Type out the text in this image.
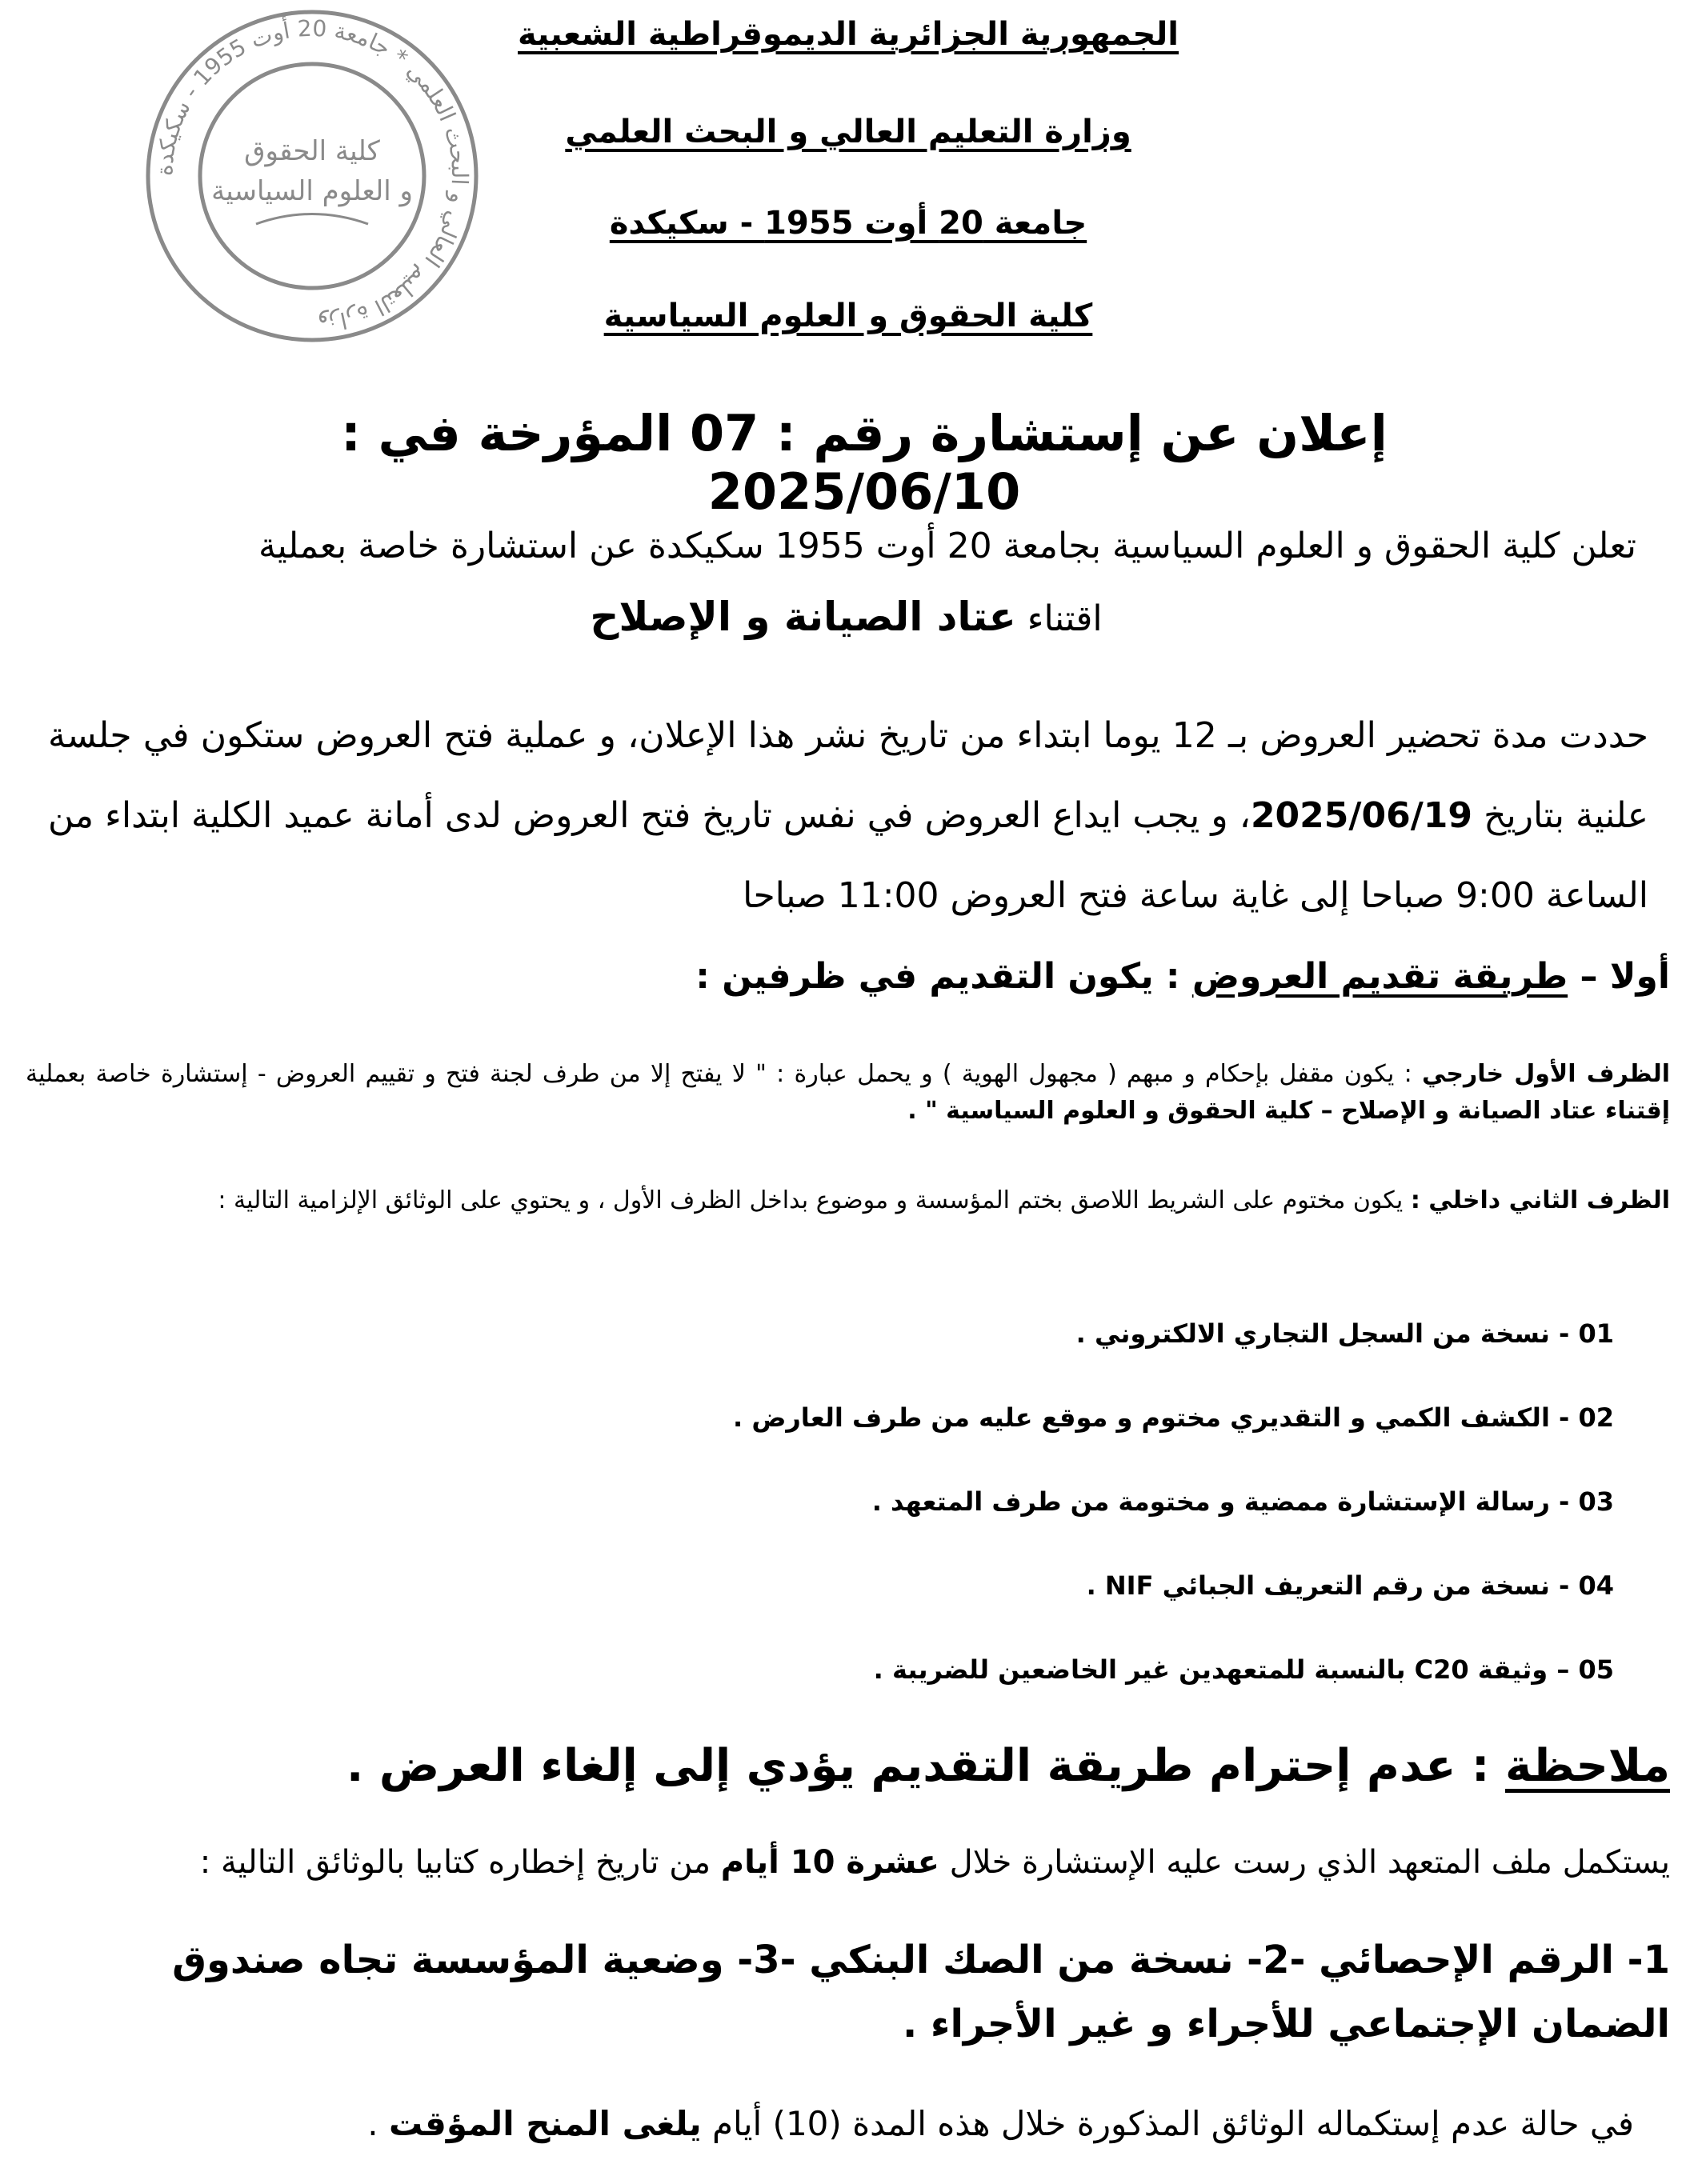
وزارة التعليم العالي و البحث العلمي * جامعة 20 أوت 1955 - سكيكدة
كلية الحقوق
و العلوم السياسية
الجمهورية الجزائرية الديموقراطية الشعبية
وزارة التعليم العالي و البحث العلمي
جامعة 20 أوت 1955 - سكيكدة
كلية الحقوق و العلوم السياسية
إعلان عن إستشارة رقم : 07 المؤرخة في : 2025/06/10
تعلن كلية الحقوق و العلوم السياسية بجامعة 20 أوت 1955 سكيكدة عن استشارة خاصة بعملية
اقتناء عتاد الصيانة و الإصلاح
حددت مدة تحضير العروض بـ 12 يوما ابتداء من تاريخ نشر هذا الإعلان، و عملية فتح العروض ستكون في جلسة علنية بتاريخ 2025/06/19، و يجب ايداع العروض في نفس تاريخ فتح العروض لدى أمانة عميد الكلية ابتداء من الساعة 9:00 صباحا إلى غاية ساعة فتح العروض 11:00 صباحا
أولا – طريقة تقديم العروض : يكون التقديم في ظرفين :
الظرف الأول خارجي : يكون مقفل بإحكام و مبهم ( مجهول الهوية ) و يحمل عبارة : " لا يفتح إلا من طرف لجنة فتح و تقييم العروض - إستشارة خاصة بعملية إقتناء عتاد الصيانة و الإصلاح – كلية الحقوق و العلوم السياسية " .
الظرف الثاني داخلي : يكون مختوم على الشريط اللاصق بختم المؤسسة و موضوع بداخل الظرف الأول ، و يحتوي على الوثائق الإلزامية التالية :
01 - نسخة من السجل التجاري الالكتروني .
02 - الكشف الكمي و التقديري مختوم و موقع عليه من طرف العارض .
03 - رسالة الإستشارة ممضية و مختومة من طرف المتعهد .
04 - نسخة من رقم التعريف الجبائي NIF .
05 – وثيقة C20 بالنسبة للمتعهدين غير الخاضعين للضريبة .
ملاحظة : عدم إحترام طريقة التقديم يؤدي إلى إلغاء العرض .
يستكمل ملف المتعهد الذي رست عليه الإستشارة خلال عشرة 10 أيام من تاريخ إخطاره كتابيا بالوثائق التالية :
1- الرقم الإحصائي -2- نسخة من الصك البنكي -3- وضعية المؤسسة تجاه صندوق الضمان الإجتماعي للأجراء و غير الأجراء .
في حالة عدم إستكماله الوثائق المذكورة خلال هذه المدة (10) أيام يلغى المنح المؤقت .
